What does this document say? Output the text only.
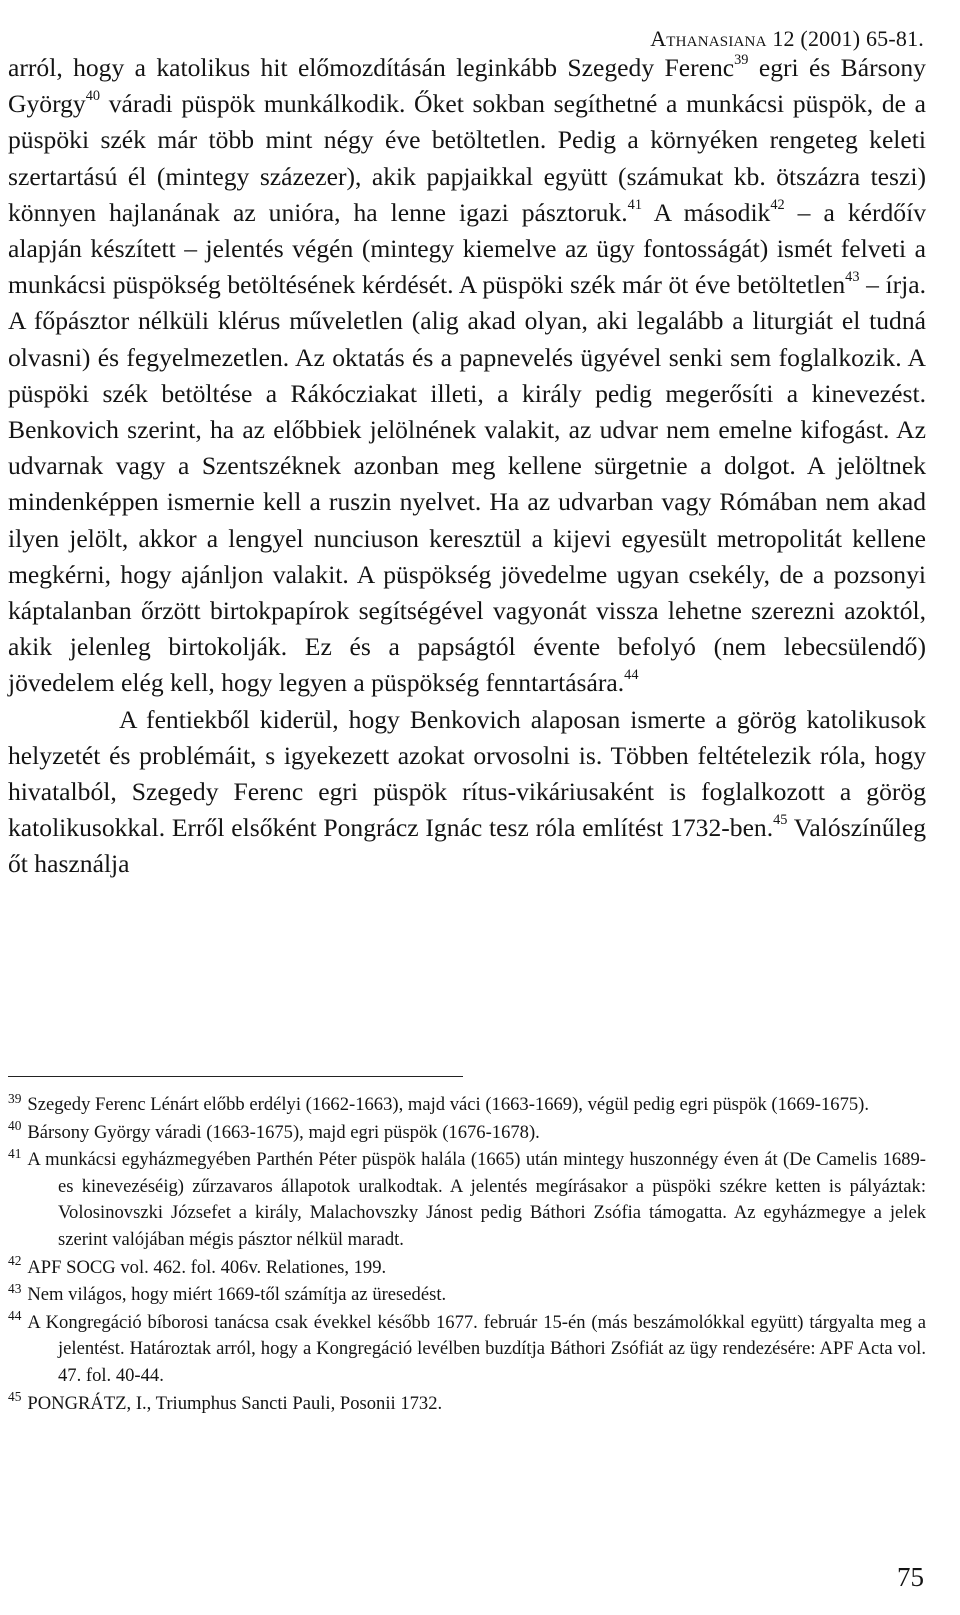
Athanasiana 12 (2001) 65-81.

arról, hogy a katolikus hit előmozdításán leginkább Szegedy Ferenc$^{39}$ egri és Bársony György$^{40}$ váradi püspök munkálkodik. Őket sokban segíthetné a munkácsi püspök, de a püspöki szék már több mint négy éve betöltetlen. Pedig a környéken rengeteg keleti szertartású él (mintegy százezer), akik papjaikkal együtt (számukat kb. ötszázra teszi) könnyen hajlanának az unióra, ha lenne igazi pásztoruk.$^{41}$ A második$^{42}$ – a kérdőív alapján készített – jelentés végén (mintegy kiemelve az ügy fontosságát) ismét felveti a munkácsi püspökség betöltésének kérdését. A püspöki szék már öt éve betöltetlen$^{43}$ – írja. A főpásztor nélküli klérus műveletlen (alig akad olyan, aki legalább a liturgiát el tudná olvasni) és fegyelmezetlen. Az oktatás és a papnevelés ügyével senki sem foglalkozik. A püspöki szék betöltése a Rákócziakat illeti, a király pedig megerősíti a kinevezést. Benkovich szerint, ha az előbbiek jelölnének valakit, az udvar nem emelne kifogást. Az udvarnak vagy a Szentszéknek azonban meg kellene sürgetnie a dolgot. A jelöltnek mindenképpen ismernie kell a ruszin nyelvet. Ha az udvarban vagy Rómában nem akad ilyen jelölt, akkor a lengyel nunciuson keresztül a kijevi egyesült metropolitát kellene megkérni, hogy ajánljon valakit. A püspökség jövedelme ugyan csekély, de a pozsonyi káptalanban őrzött birtokpapírok segítségével vagyonát vissza lehetne szerezni azoktól, akik jelenleg birtokolják. Ez és a papságtól évente befolyó (nem lebecsülendő) jövedelem elég kell, hogy legyen a püspökség fenntartására.$^{44}$

A fentiekből kiderül, hogy Benkovich alaposan ismerte a görög katolikusok helyzetét és problémáit, s igyekezett azokat orvosolni is. Többen feltételezik róla, hogy hivatalból, Szegedy Ferenc egri püspök rítus-vikáriusaként is foglalkozott a görög katolikusokkal. Erről elsőként Pongrácz Ignác tesz róla említést 1732-ben.$^{45}$ Valószínűleg őt használja

$^{39}$ Szegedy Ferenc Lénárt előbb erdélyi (1662-1663), majd váci (1663-1669), végül pedig egri püspök (1669-1675).

$^{40}$ Bársony György váradi (1663-1675), majd egri püspök (1676-1678).

$^{41}$ A munkácsi egyházmegyében Parthén Péter püspök halála (1665) után mintegy huszonnégy éven át (De Camelis 1689-es kinevezéséig) zűrzavaros állapotok uralkodtak. A jelentés megírásakor a püspöki székre ketten is pályáztak: Volosinovszki Józsefet a király, Malachovszky Jánost pedig Báthori Zsófia támogatta. Az egyházmegye a jelek szerint valójában mégis pásztor nélkül maradt.

$^{42}$ APF SOCG vol. 462. fol. 406v. Relationes, 199.

$^{43}$ Nem világos, hogy miért 1669-től számítja az üresedést.

$^{44}$ A Kongregáció bíborosi tanácsa csak évekkel később 1677. február 15-én (más beszámolókkal együtt) tárgyalta meg a jelentést. Határoztak arról, hogy a Kongregáció levélben buzdítja Báthori Zsófiát az ügy rendezésére: APF Acta vol. 47. fol. 40-44.

$^{45}$ PONGRÁTZ, I., Triumphus Sancti Pauli, Posonii 1732.

75
